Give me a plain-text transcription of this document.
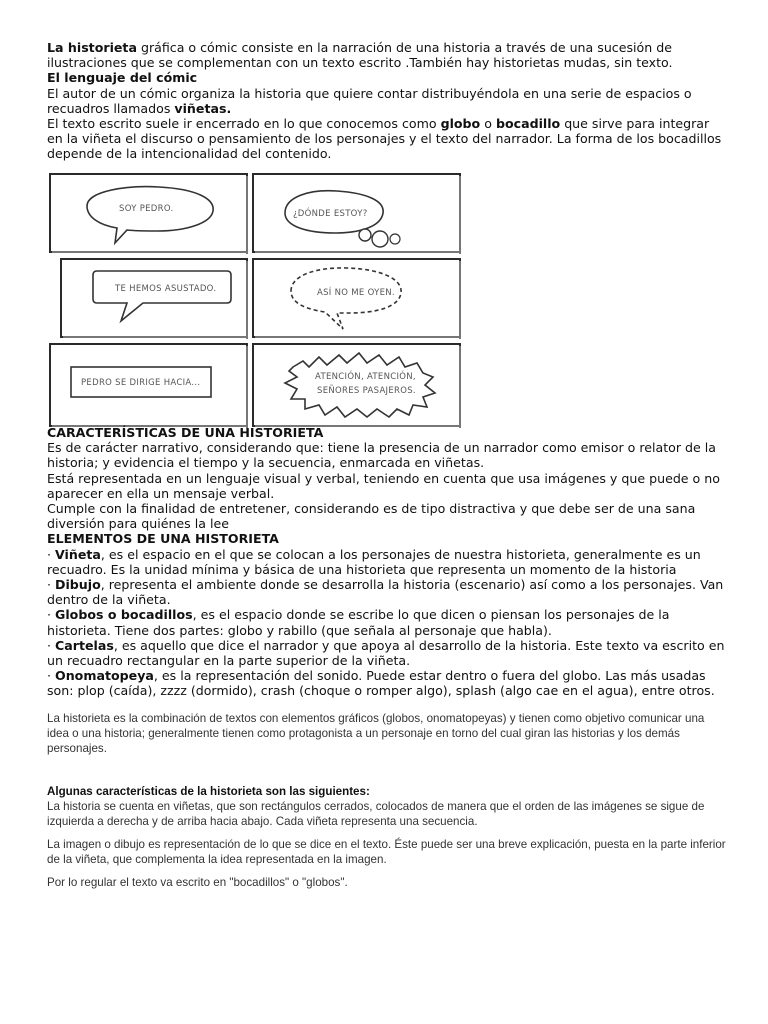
La historieta gráfica o cómic consiste en la narración de una historia a través de una sucesión de ilustraciones que se complementan con un texto escrito .También hay historietas mudas, sin texto.

El lenguaje del cómic

El autor de un cómic organiza la historia que quiere contar distribuyéndola en una serie de espacios o recuadros llamados viñetas.

El texto escrito suele ir encerrado en lo que conocemos como globo o bocadillo que sirve para integrar en la viñeta el discurso o pensamiento de los personajes y el texto del narrador. La forma de los bocadillos depende de la intencionalidad del contenido.

SOY PEDRO.	¿DÓNDE ESTOY?
TE HEMOS ASUSTADO.	ASÍ NO ME OYEN.
PEDRO SE DIRIGE HACIA...
ATENCIÓN, ATENCIÓN,
SEÑORES PASAJEROS.

CARACTERÍSTICAS DE UNA HISTORIETA

Es de carácter narrativo, considerando que: tiene la presencia de un narrador como emisor o relator de la historia; y evidencia el tiempo y la secuencia, enmarcada en viñetas.

Está representada en un lenguaje visual y verbal, teniendo en cuenta que usa imágenes y que puede o no aparecer en ella un mensaje verbal.

Cumple con la finalidad de entretener, considerando es de tipo distractiva y que debe ser de una sana diversión para quiénes la lee

ELEMENTOS DE UNA HISTORIETA

· Viñeta, es el espacio en el que se colocan a los personajes de nuestra historieta, generalmente es un recuadro. Es la unidad mínima y básica de una historieta que representa un momento de la historia

· Dibujo, representa el ambiente donde se desarrolla la historia (escenario) así como a los personajes. Van dentro de la viñeta.

· Globos o bocadillos, es el espacio donde se escribe lo que dicen o piensan los personajes de la historieta. Tiene dos partes: globo y rabillo (que señala al personaje que habla).

· Cartelas, es aquello que dice el narrador y que apoya al desarrollo de la historia. Este texto va escrito en un recuadro rectangular en la parte superior de la viñeta.

· Onomatopeya, es la representación del sonido. Puede estar dentro o fuera del globo. Las más usadas son: plop (caída), zzzz (dormido), crash (choque o romper algo), splash (algo cae en el agua), entre otros.

La historieta es la combinación de textos con elementos gráficos (globos, onomatopeyas) y tienen como objetivo comunicar una idea o una historia; generalmente tienen como protagonista a un personaje en torno del cual giran las historias y los demás personajes.

Algunas características de la historieta son las siguientes:

La historia se cuenta en viñetas, que son rectángulos cerrados, colocados de manera que el orden de las imágenes se sigue de izquierda a derecha y de arriba hacia abajo. Cada viñeta representa una secuencia.

La imagen o dibujo es representación de lo que se dice en el texto. Éste puede ser una breve explicación, puesta en la parte inferior de la viñeta, que complementa la idea representada en la imagen.

Por lo regular el texto va escrito en "bocadillos" o "globos".
